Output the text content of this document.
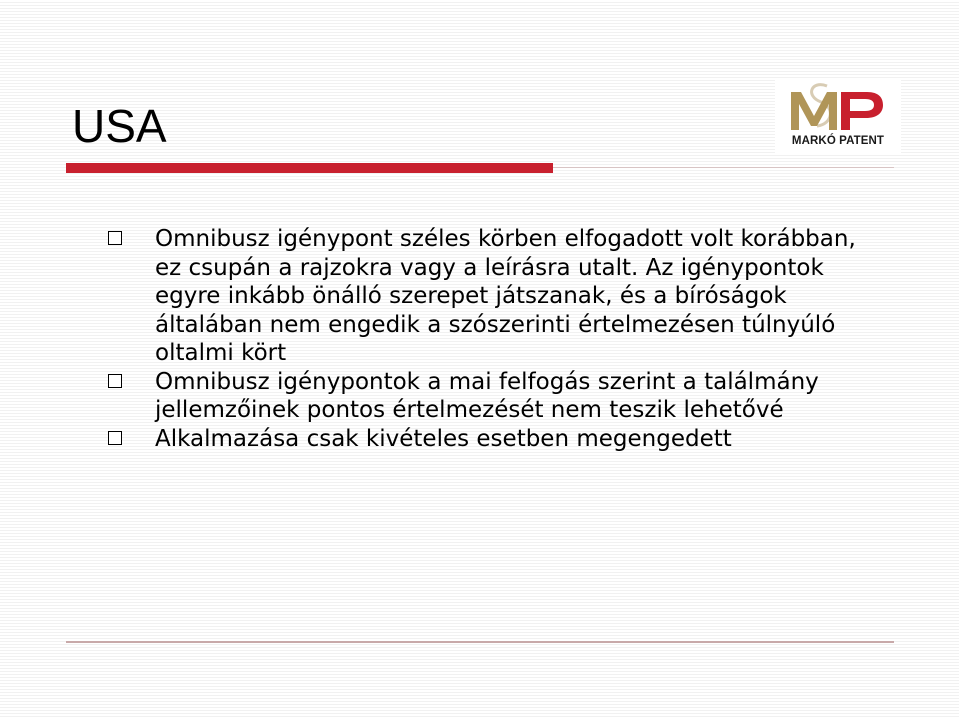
USA	MARKÓ PATENT
Omnibusz igénypont széles körben elfogadott volt korábban, ez csupán a rajzokra vagy a leírásra utalt. Az igénypontok egyre inkább önálló szerepet játszanak, és a bíróságok általában nem engedik a szószerinti értelmezésen túlnyúló oltalmi kört
Omnibusz igénypontok a mai felfogás szerint a találmány jellemzőinek pontos értelmezését nem teszik lehetővé
Alkalmazása csak kivételes esetben megengedett
